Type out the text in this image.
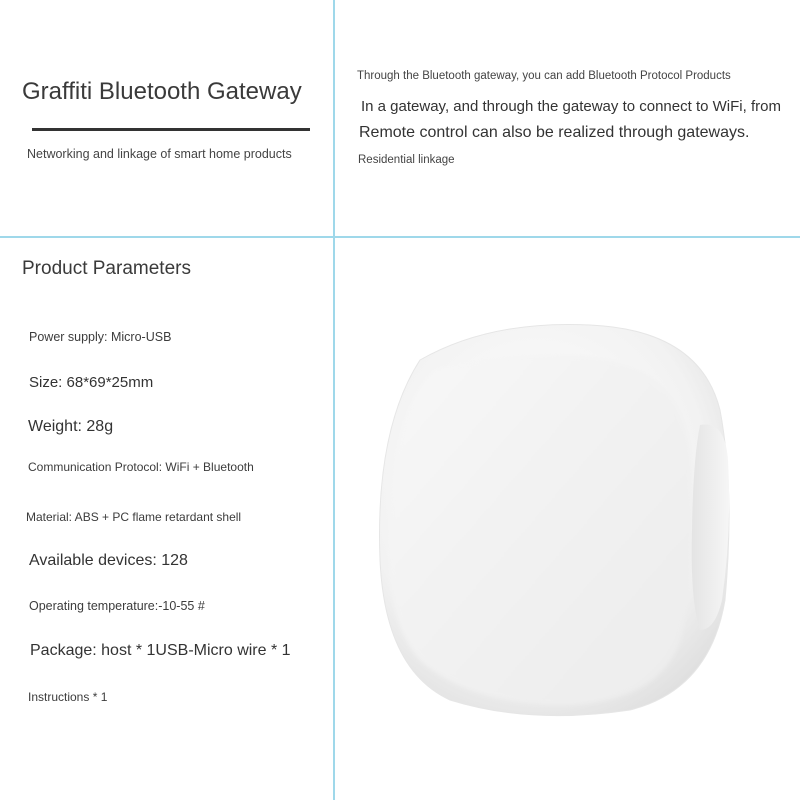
Graffiti Bluetooth Gateway
Networking and linkage of smart home products
Through the Bluetooth gateway, you can add Bluetooth Protocol Products
In a gateway, and through the gateway to connect to WiFi, from
Remote control can also be realized through gateways.
Residential linkage
Product Parameters
Power supply: Micro-USB
Size: 68*69*25mm
Weight: 28g
Communication Protocol: WiFi + Bluetooth
Material: ABS + PC flame retardant shell
Available devices: 128
Operating temperature:-10-55 #
Package: host * 1USB-Micro wire * 1
Instructions * 1
